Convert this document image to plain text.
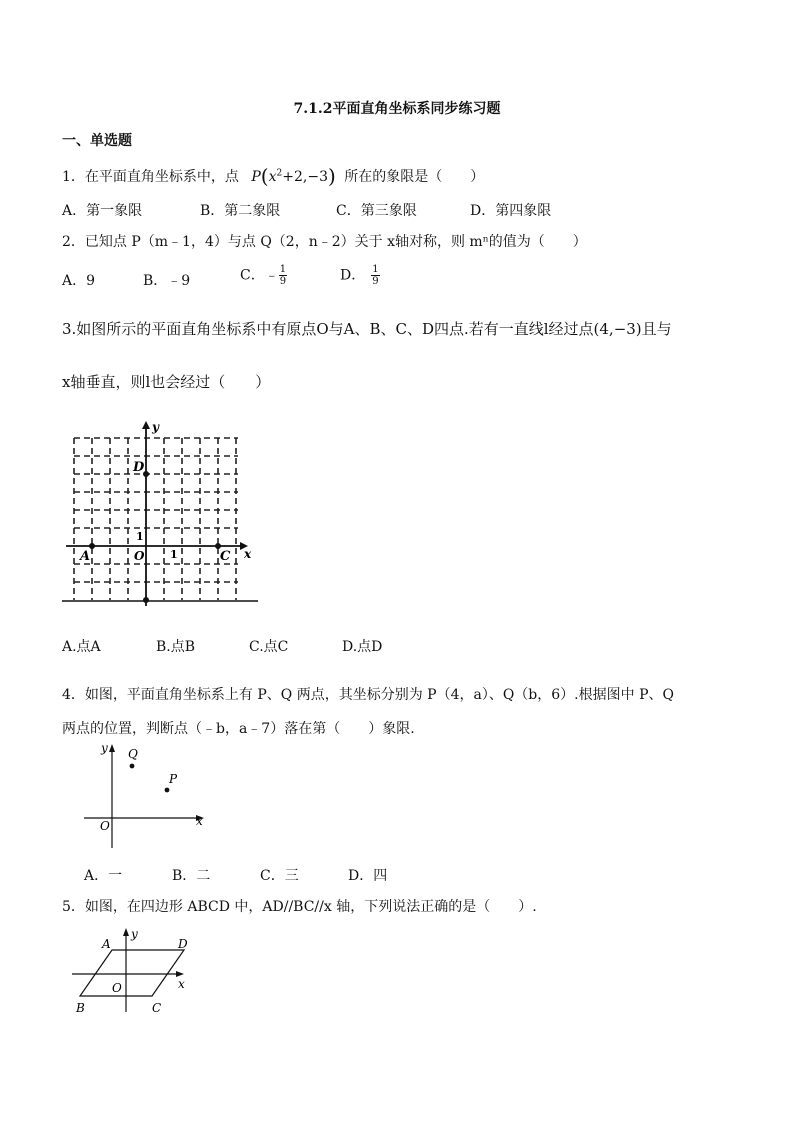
7.1.2平面直角坐标系同步练习题
一、单选题
1．在平面直角坐标系中，点 $P(x^2+2,-3)$ 所在的象限是（　　）
A．第一象限	B．第二象限	C．第三象限	D．第四象限
2．已知点 P（m﹣1，4）与点 Q（2，n﹣2）关于 x轴对称，则 mⁿ的值为（　　）
A．9	B．﹣9	C．﹣ $\frac{1}{9}$	D． $\frac{1}{9}$
3.如图所示的平面直角坐标系中有原点O与A、B、C、D四点.若有一直线l经过点(4,−3)且与
x轴垂直，则l也会经过（　　）
y
x
D
A	C
O 1
1
A.点A	B.点B	C.点C	D.点D
4．如图，平面直角坐标系上有 P、Q 两点，其坐标分别为 P（4，a）、Q（b，6）.根据图中 P、Q
两点的位置，判断点（﹣b，a﹣7）落在第（　　）象限.
y
x
Q
P
O
A．一	B．二	C．三	D．四
5．如图，在四边形 ABCD 中，AD//BC//x 轴，下列说法正确的是（　　）.
A	D
B	C
O	x
y
